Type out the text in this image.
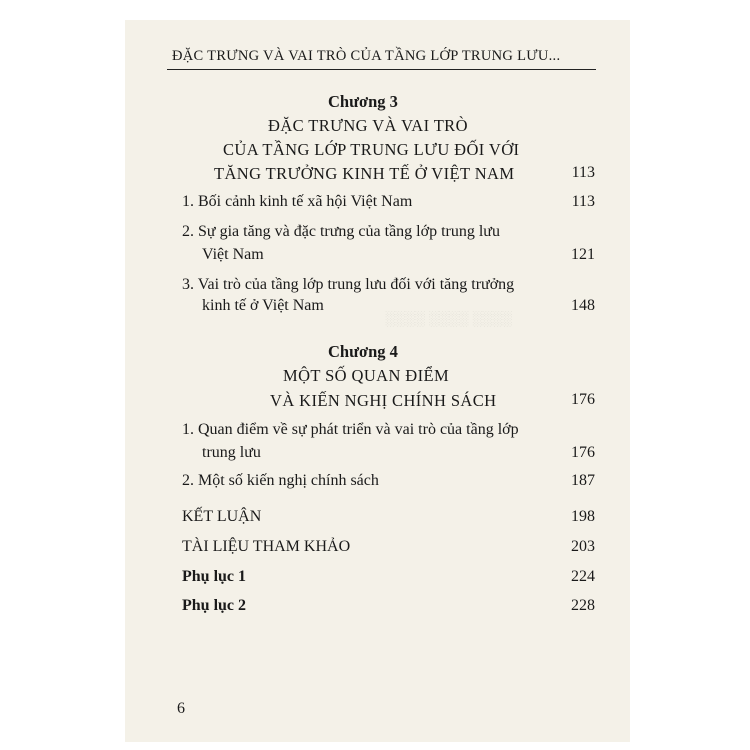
░░░░ ░░░░ ░░░░
ĐẶC TRƯNG VÀ VAI TRÒ CỦA TẦNG LỚP TRUNG LƯU...
Chương 3
ĐẶC TRƯNG VÀ VAI TRÒ
CỦA TẦNG LỚP TRUNG LƯU ĐỐI VỚI
TĂNG TRƯỞNG KINH TẾ Ở VIỆT NAM	113
1. Bối cảnh kinh tế xã hội Việt Nam	113
2. Sự gia tăng và đặc trưng của tầng lớp trung lưu
Việt Nam	121
3. Vai trò của tầng lớp trung lưu đối với tăng trưởng
kinh tế ở Việt Nam	148
Chương 4
MỘT SỐ QUAN ĐIỂM
VÀ KIẾN NGHỊ CHÍNH SÁCH	176
1. Quan điểm về sự phát triển và vai trò của tầng lớp
trung lưu	176
2. Một số kiến nghị chính sách	187
KẾT LUẬN	198
TÀI LIỆU THAM KHẢO	203
Phụ lục 1	224
Phụ lục 2	228
6
